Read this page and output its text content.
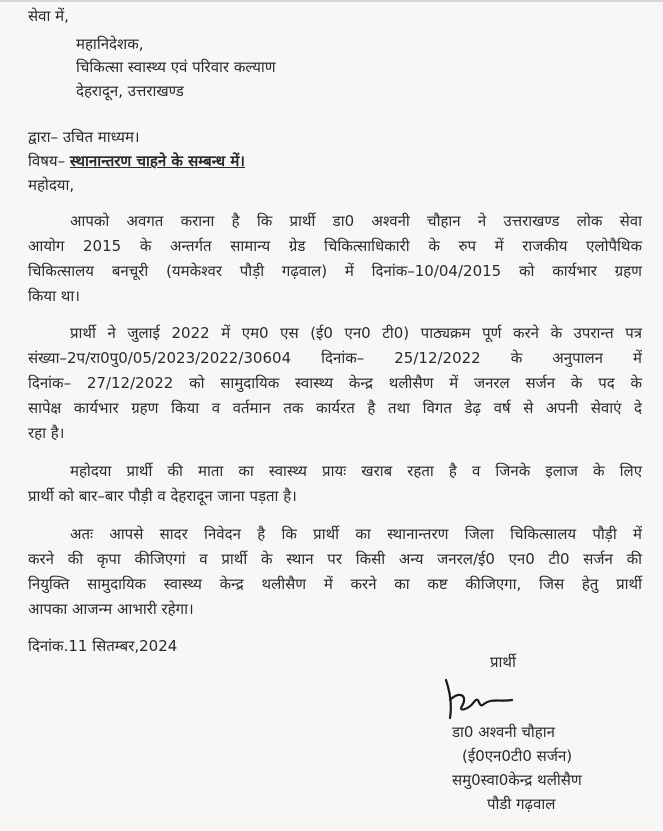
सेवा में,
महानिदेशक,
चिकित्सा स्वास्थ्य एवं परिवार कल्याण
देहरादून, उत्तराखण्ड
द्वारा– उचित माध्यम।
विषय– स्थानान्तरण चाहने के सम्बन्ध में।
महोदया,
आपको अवगत कराना है कि प्रार्थी डा0 अश्वनी चौहान ने उत्तराखण्ड लोक सेवा
आयोग 2015 के अन्तर्गत सामान्य ग्रेड चिकित्साधिकारी के रुप में राजकीय एलोपैथिक
चिकित्सालय बनचूरी (यमकेश्वर पौड़ी गढ़वाल) में दिनांक–10/04/2015 को कार्यभार ग्रहण
किया था।
प्रार्थी ने जुलाई 2022 में एम0 एस (ई0 एन0 टी0) पाठ्यक्रम पूर्ण करने के उपरान्त पत्र
संख्या–2प/रा0पु0/05/2023/2022/30604 दिनांक– 25/12/2022 के अनुपालन में
दिनांक– 27/12/2022 को सामुदायिक स्वास्थ्य केन्द्र थलीसैण में जनरल सर्जन के पद के
सापेक्ष कार्यभार ग्रहण किया व वर्तमान तक कार्यरत है तथा विगत डेढ़ वर्ष से अपनी सेवाएं दे
रहा है।
महोदया प्रार्थी की माता का स्वास्थ्य प्रायः खराब रहता है व जिनके इलाज के लिए
प्रार्थी को बार–बार पौड़ी व देहरादून जाना पड़ता है।
अतः आपसे सादर निवेदन है कि प्रार्थी का स्थानान्तरण जिला चिकित्सालय पौड़ी में
करने की कृपा कीजिएगां व प्रार्थी के स्थान पर किसी अन्य जनरल/ई0 एन0 टी0 सर्जन की
नियुक्ति सामुदायिक स्वास्थ्य केन्द्र थलीसैण में करने का कष्ट कीजिएगा, जिस हेतु प्रार्थी
आपका आजन्म आभारी रहेगा।
दिनांक.11 सितम्बर,2024
प्रार्थी
डा0 अश्वनी चौहान
(ई0एन0टी0 सर्जन)
समु0स्वा0केन्द्र थलीसैण
पौडी गढ़वाल
